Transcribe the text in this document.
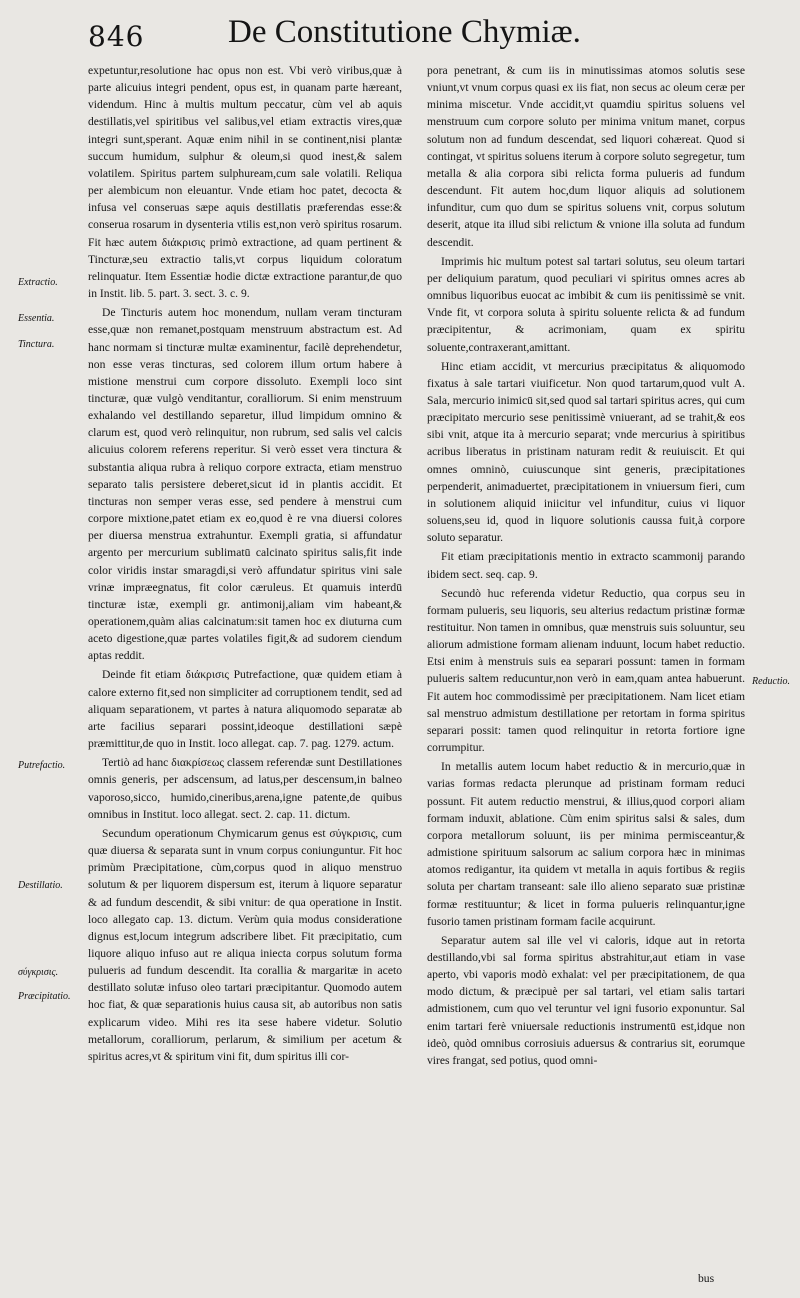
846	De Constitutione Chymiæ.

expetuntur,resolutione hac opus non est. Vbi verò viribus,quæ à parte alicuius integri pendent, opus est, in quanam parte hæreant, videndum. Hinc à multis multum peccatur, cùm vel ab aquis destillatis,vel spiritibus vel salibus,vel etiam extractis vires,quæ integri sunt,sperant. Aquæ enim nihil in se continent,nisi plantæ succum humidum, sulphur & oleum,si quod inest,& salem volatilem. Spiritus partem sulphuream,cum sale volatili. Reliqua per alembicum non eleuantur. Vnde etiam hoc patet, decocta & infusa vel conseruas sæpe aquis destillatis præferendas esse:& conserua rosarum in dysenteria vtilis est,non verò spiritus rosarum. Fit hæc autem διάκρισις primò extractione, ad quam pertinent & Tincturæ,seu extractio talis,vt corpus liquidum coloratum relinquatur. Item Essentiæ hodie dictæ extractione parantur,de quo in Instit. lib. 5. part. 3. sect. 3. c. 9.

De Tincturis autem hoc monendum, nullam veram tincturam esse,quæ non remanet,postquam menstruum abstractum est. Ad hanc normam si tincturæ multæ examinentur, facilè deprehendetur, non esse veras tincturas, sed colorem illum ortum habere à mistione menstrui cum corpore dissoluto. Exempli loco sint tincturæ, quæ vulgò venditantur, coralliorum. Si enim menstruum exhalando vel destillando separetur, illud limpidum omnino & clarum est, quod verò relinquitur, non rubrum, sed salis vel calcis alicuius colorem referens reperitur. Si verò esset vera tinctura & substantia aliqua rubra à reliquo corpore extracta, etiam menstruo separato talis persistere deberet,sicut id in plantis accidit. Et tincturas non semper veras esse, sed pendere à menstrui cum corpore mixtione,patet etiam ex eo,quod è re vna diuersi colores per diuersa menstrua extrahuntur. Exempli gratia, si affundatur argento per mercurium sublimatū calcinato spiritus salis,fit inde color viridis instar smaragdi,si verò affundatur spiritus vini sale vrinæ impræegnatus, fit color cæruleus. Et quamuis interdū tincturæ istæ, exempli gr. antimonij,aliam vim habeant,& operationem,quàm alias calcinatum:sit tamen hoc ex diuturna cum aceto digestione,quæ partes volatiles figit,& ad sudorem ciendum aptas reddit.

Deinde fit etiam διάκρισις Putrefactione, quæ quidem etiam à calore externo fit,sed non simpliciter ad corruptionem tendit, sed ad aliquam separationem, vt partes à natura aliquomodo separatæ ab arte facilius separari possint,ideoque destillationi sæpè præmittitur,de quo in Instit. loco allegat. cap. 7. pag. 1279. actum.

Tertiò ad hanc διακρίσεως classem referendæ sunt Destillationes omnis generis, per adscensum, ad latus,per descensum,in balneo vaporoso,sicco, humido,cineribus,arena,igne patente,de quibus omnibus in Institut. loco allegat. sect. 2. cap. 11. dictum.

Secundum operationum Chymicarum genus est σύγκρισις, cum quæ diuersa & separata sunt in vnum corpus coniunguntur. Fit hoc primùm Præcipitatione, cùm,corpus quod in aliquo menstruo solutum & per liquorem dispersum est, iterum à liquore separatur & ad fundum descendit, & sibi vnitur: de qua operatione in Instit. loco allegato cap. 13. dictum. Verùm quia modus consideratione dignus est,locum integrum adscribere libet. Fit præcipitatio, cum liquore aliquo infuso aut re aliqua iniecta corpus solutum forma pulueris ad fundum descendit. Ita corallia & margaritæ in aceto destillato solutæ infuso oleo tartari præcipitantur. Quomodo autem hoc fiat, & quæ separationis huius causa sit, ab autoribus non satis explicarum video. Mihi res ita sese habere videtur. Solutio metallorum, coralliorum, perlarum, & similium per acetum & spiritus acres,vt & spiritum vini fit, dum spiritus illi cor-

pora penetrant, & cum iis in minutissimas atomos solutis sese vniunt,vt vnum corpus quasi ex iis fiat, non secus ac oleum ceræ per minima miscetur. Vnde accidit,vt quamdiu spiritus soluens vel menstruum cum corpore soluto per minima vnitum manet, corpus solutum non ad fundum descendat, sed liquori cohæreat. Quod si contingat, vt spiritus soluens iterum à corpore soluto segregetur, tum metalla & alia corpora sibi relicta forma pulueris ad fundum descendunt. Fit autem hoc,dum liquor aliquis ad solutionem infunditur, cum quo dum se spiritus soluens vnit, corpus solutum deserit, atque ita illud sibi relictum & vnione illa soluta ad fundum descendit.

Imprimis hic multum potest sal tartari solutus, seu oleum tartari per deliquium paratum, quod peculiari vi spiritus omnes acres ab omnibus liquoribus euocat ac imbibit & cum iis penitissimè se vnit. Vnde fit, vt corpora soluta à spiritu soluente relicta & ad fundum præcipitentur, & acrimoniam, quam ex spiritu soluente,contraxerant,amittant.

Hinc etiam accidit, vt mercurius præcipitatus & aliquomodo fixatus à sale tartari viuificetur. Non quod tartarum,quod vult A. Sala, mercurio inimicū sit,sed quod sal tartari spiritus acres, qui cum præcipitato mercurio sese penitissimè vniuerant, ad se trahit,& eos sibi vnit, atque ita à mercurio separat; vnde mercurius à spiritibus acribus liberatus in pristinam naturam redit & reuiuiscit. Et qui omnes omninò, cuiuscunque sint generis, præcipitationes perpenderit, animaduertet, præcipitationem in vniuersum fieri, cum in solutionem aliquid iniicitur vel infunditur, cuius vi liquor soluens,seu id, quod in liquore solutionis caussa fuit,à corpore soluto separatur.

Fit etiam præcipitationis mentio in extracto scammonij parando ibidem sect. seq. cap. 9.

Secundò huc referenda videtur Reductio, qua corpus seu in formam pulueris, seu liquoris, seu alterius redactum pristinæ formæ restituitur. Non tamen in omnibus, quæ menstruis suis soluuntur, seu aliorum admistione formam alienam induunt, locum habet reductio. Etsi enim à menstruis suis ea separari possunt: tamen in formam pulueris saltem reducuntur,non verò in eam,quam antea habuerunt. Fit autem hoc commodissimè per præcipitationem. Nam licet etiam sal menstruo admistum destillatione per retortam in forma spiritus separari possit: tamen quod relinquitur in retorta fortiore igne corrumpitur.

In metallis autem locum habet reductio & in mercurio,quæ in varias formas redacta plerunque ad pristinam formam reduci possunt. Fit autem reductio menstrui, & illius,quod corpori aliam formam induxit, ablatione. Cùm enim spiritus salsi & sales, dum corpora metallorum soluunt, iis per minima permisceantur,& admistione spirituum salsorum ac salium corpora hæc in minimas atomos redigantur, ita quidem vt metalla in aquis fortibus & regiis soluta per chartam transeant: sale illo alieno separato suæ pristinæ formæ restituuntur; & licet in forma pulueris relinquantur,igne fusorio tamen pristinam formam facile acquirunt.

Separatur autem sal ille vel vi caloris, idque aut in retorta destillando,vbi sal forma spiritus abstrahitur,aut etiam in vase aperto, vbi vaporis modò exhalat: vel per præcipitationem, de qua modo dictum, & præcipuè per sal tartari, vel etiam salis tartari admistionem, cum quo vel teruntur vel igni fusorio exponuntur. Sal enim tartari ferè vniuersale reductionis instrumentū est,idque non ideò, quòd omnibus corrosiuis aduersus & contrarius sit, eorumque vires frangat, sed potius, quod omni-

Extractio.
Essentia.
Tinctura.
Putrefactio.
Destillatio.
σύγκρισις.
Præcipitatio.
Reductio.
bus
